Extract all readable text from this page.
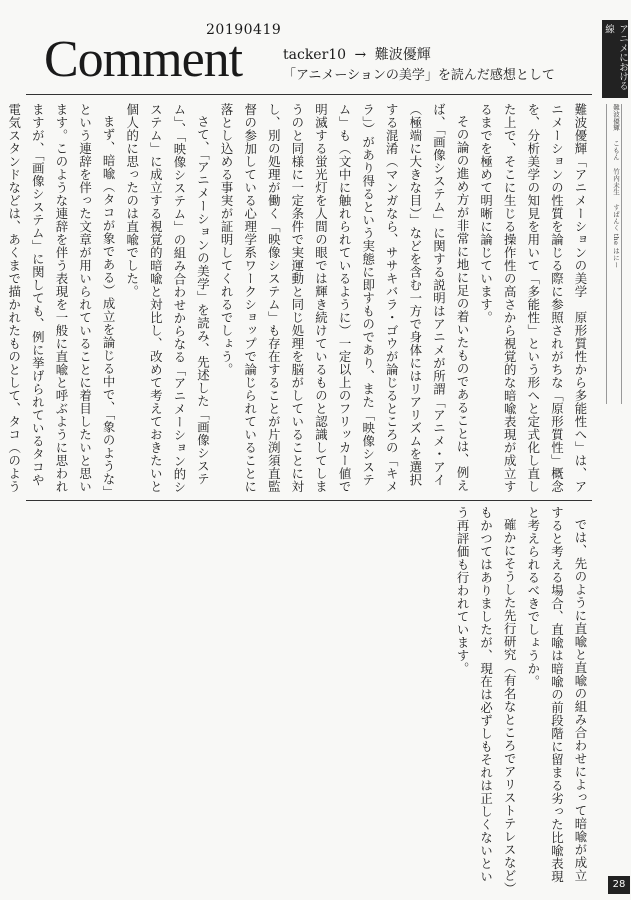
20190419
Comment	tacker10 → 難波優輝
「アニメーションの美学」を読んだ感想として

難波優輝「アニメーションの美学　原形質性から多能性へ」は、アニメーションの性質を論じる際に参照されがちな「原形質性」概念を、分析美学の知見を用いて「多能性」という形へと定式化し直した上で、そこに生じる操作性の高さから視覚的な暗喩表現が成立するまでを極めて明晰に論じています。

その論の進め方が非常に地に足の着いたものであることは、例えば、「画像システム」に関する説明はアニメが所謂「アニメ・アイ（極端に大きな目）」などを含む一方で身体にはリアリズムを選択する混淆（マンガなら、ササキバラ・ゴウが論じるところの「キメラ」）があり得るという実態に即すものであり、また「映像システム」も（文中に触れられているように）一定以上のフリッカー値で明滅する蛍光灯を人間の眼では輝き続けているものと認識してしまうのと同様に一定条件で実運動と同じ処理を脳がしていることに対し、別の処理が働く「映像システム」も存在することが片渕須直監督の参加している心理学系ワークショップで論じられていることに落とし込める事実が証明してくれるでしょう。

さて、「アニメーションの美学」を読み、先述した「画像システム」、「映像システム」の組み合わせからなる「アニメーション的システム」に成立する視覚的暗喩と対比し、改めて考えておきたいと個人的に思ったのは直喩でした。

まず、暗喩（タコが象である）成立を論じる中で、「象のような」という連辞を伴った文章が用いられていることに着目したいと思います。このような連辞を伴う表現を一般に直喩と呼ぶように思われますが、「画像システム」に関しても、例に挙げられているタコや電気スタンドなどは、あくまで描かれたものとして、タコ（のよう

では、先のように直喩と直喩の組み合わせによって暗喩が成立すると考える場合、直喩は暗喩の前段階に留まる劣った比喩表現と考えられるべきでしょうか。

確かにそうした先行研究（有名なところでアリストテレスなど）もかつてはありましたが、現在は必ずしもそれは正しくないという再評価も行われています。

アニメにおける線
難波優輝 こもん 竹内未生 すぱんく the はにー
28
